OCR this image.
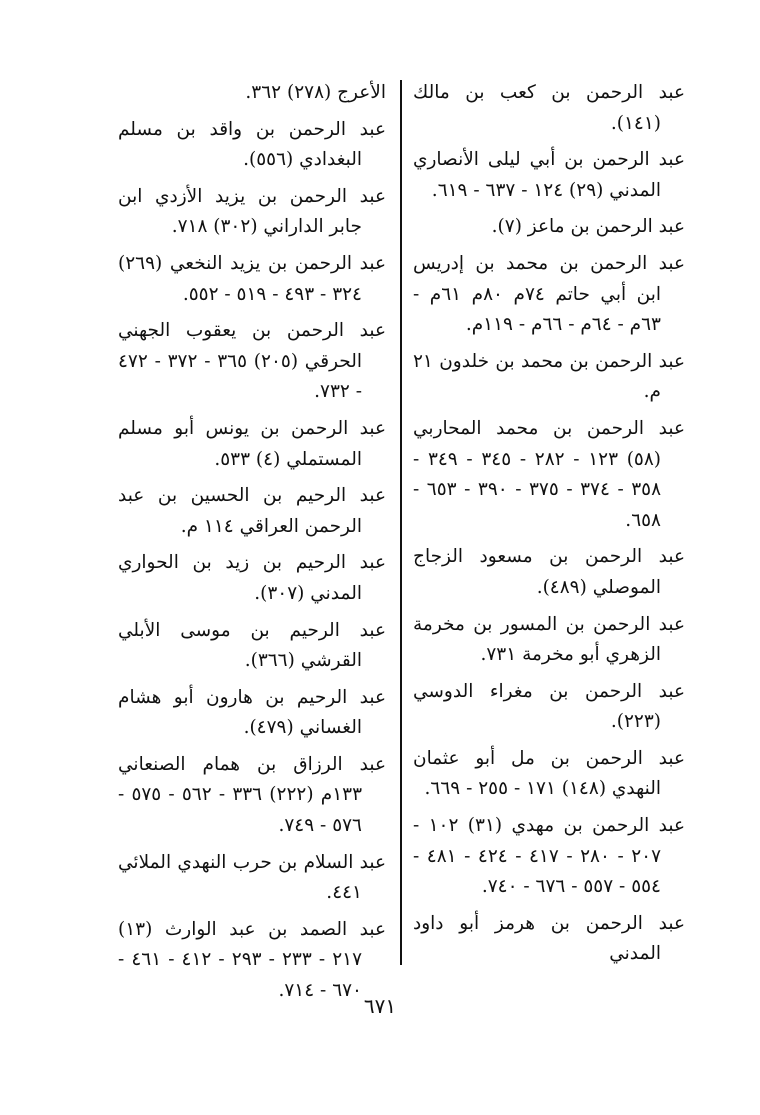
عبد الرحمن بن كعب بن مالك (١٤١).

عبد الرحمن بن أبي ليلى الأنصاري المدني (٢٩) ١٢٤ - ٦٣٧ - ٦١٩.

عبد الرحمن بن ماعز (٧).

عبد الرحمن بن محمد بن إدريس ابن أبي حاتم ٧٤م ٨٠م ٦١م - ٦٣م - ٦٤م - ٦٦م - ١١٩م.

عبد الرحمن بن محمد بن خلدون ٢١ م.

عبد الرحمن بن محمد المحاربي (٥٨) ١٢٣ - ٢٨٢ - ٣٤٥ - ٣٤٩ - ٣٥٨ - ٣٧٤ - ٣٧٥ - ٣٩٠ - ٦٥٣ - ٦٥٨.

عبد الرحمن بن مسعود الزجاج الموصلي (٤٨٩).

عبد الرحمن بن المسور بن مخرمة الزهري أبو مخرمة ٧٣١.

عبد الرحمن بن مغراء الدوسي (٢٢٣).

عبد الرحمن بن مل أبو عثمان النهدي (١٤٨) ١٧١ - ٢٥٥ - ٦٦٩.

عبد الرحمن بن مهدي (٣١) ١٠٢ - ٢٠٧ - ٢٨٠ - ٤١٧ - ٤٢٤ - ٤٨١ - ٥٥٤ - ٥٥٧ - ٦٧٦ - ٧٤٠.

عبد الرحمن بن هرمز أبو داود المدني

الأعرج (٢٧٨) ٣٦٢.

عبد الرحمن بن واقد بن مسلم البغدادي (٥٥٦).

عبد الرحمن بن يزيد الأزدي ابن جابر الداراني (٣٠٢) ٧١٨.

عبد الرحمن بن يزيد النخعي (٢٦٩) ٣٢٤ - ٤٩٣ - ٥١٩ - ٥٥٢.

عبد الرحمن بن يعقوب الجهني الحرقي (٢٠٥) ٣٦٥ - ٣٧٢ - ٤٧٢ - ٧٣٢.

عبد الرحمن بن يونس أبو مسلم المستملي (٤) ٥٣٣.

عبد الرحيم بن الحسين بن عبد الرحمن العراقي ١١٤ م.

عبد الرحيم بن زيد بن الحواري المدني (٣٠٧).

عبد الرحيم بن موسى الأبلي القرشي (٣٦٦).

عبد الرحيم بن هارون أبو هشام الغساني (٤٧٩).

عبد الرزاق بن همام الصنعاني ١٣٣م (٢٢٢) ٣٣٦ - ٥٦٢ - ٥٧٥ - ٥٧٦ - ٧٤٩.

عبد السلام بن حرب النهدي الملائي ٤٤١.

عبد الصمد بن عبد الوارث (١٣) ٢١٧ - ٢٣٣ - ٢٩٣ - ٤١٢ - ٤٦١ - ٦٧٠ - ٧١٤.

٦٧١
